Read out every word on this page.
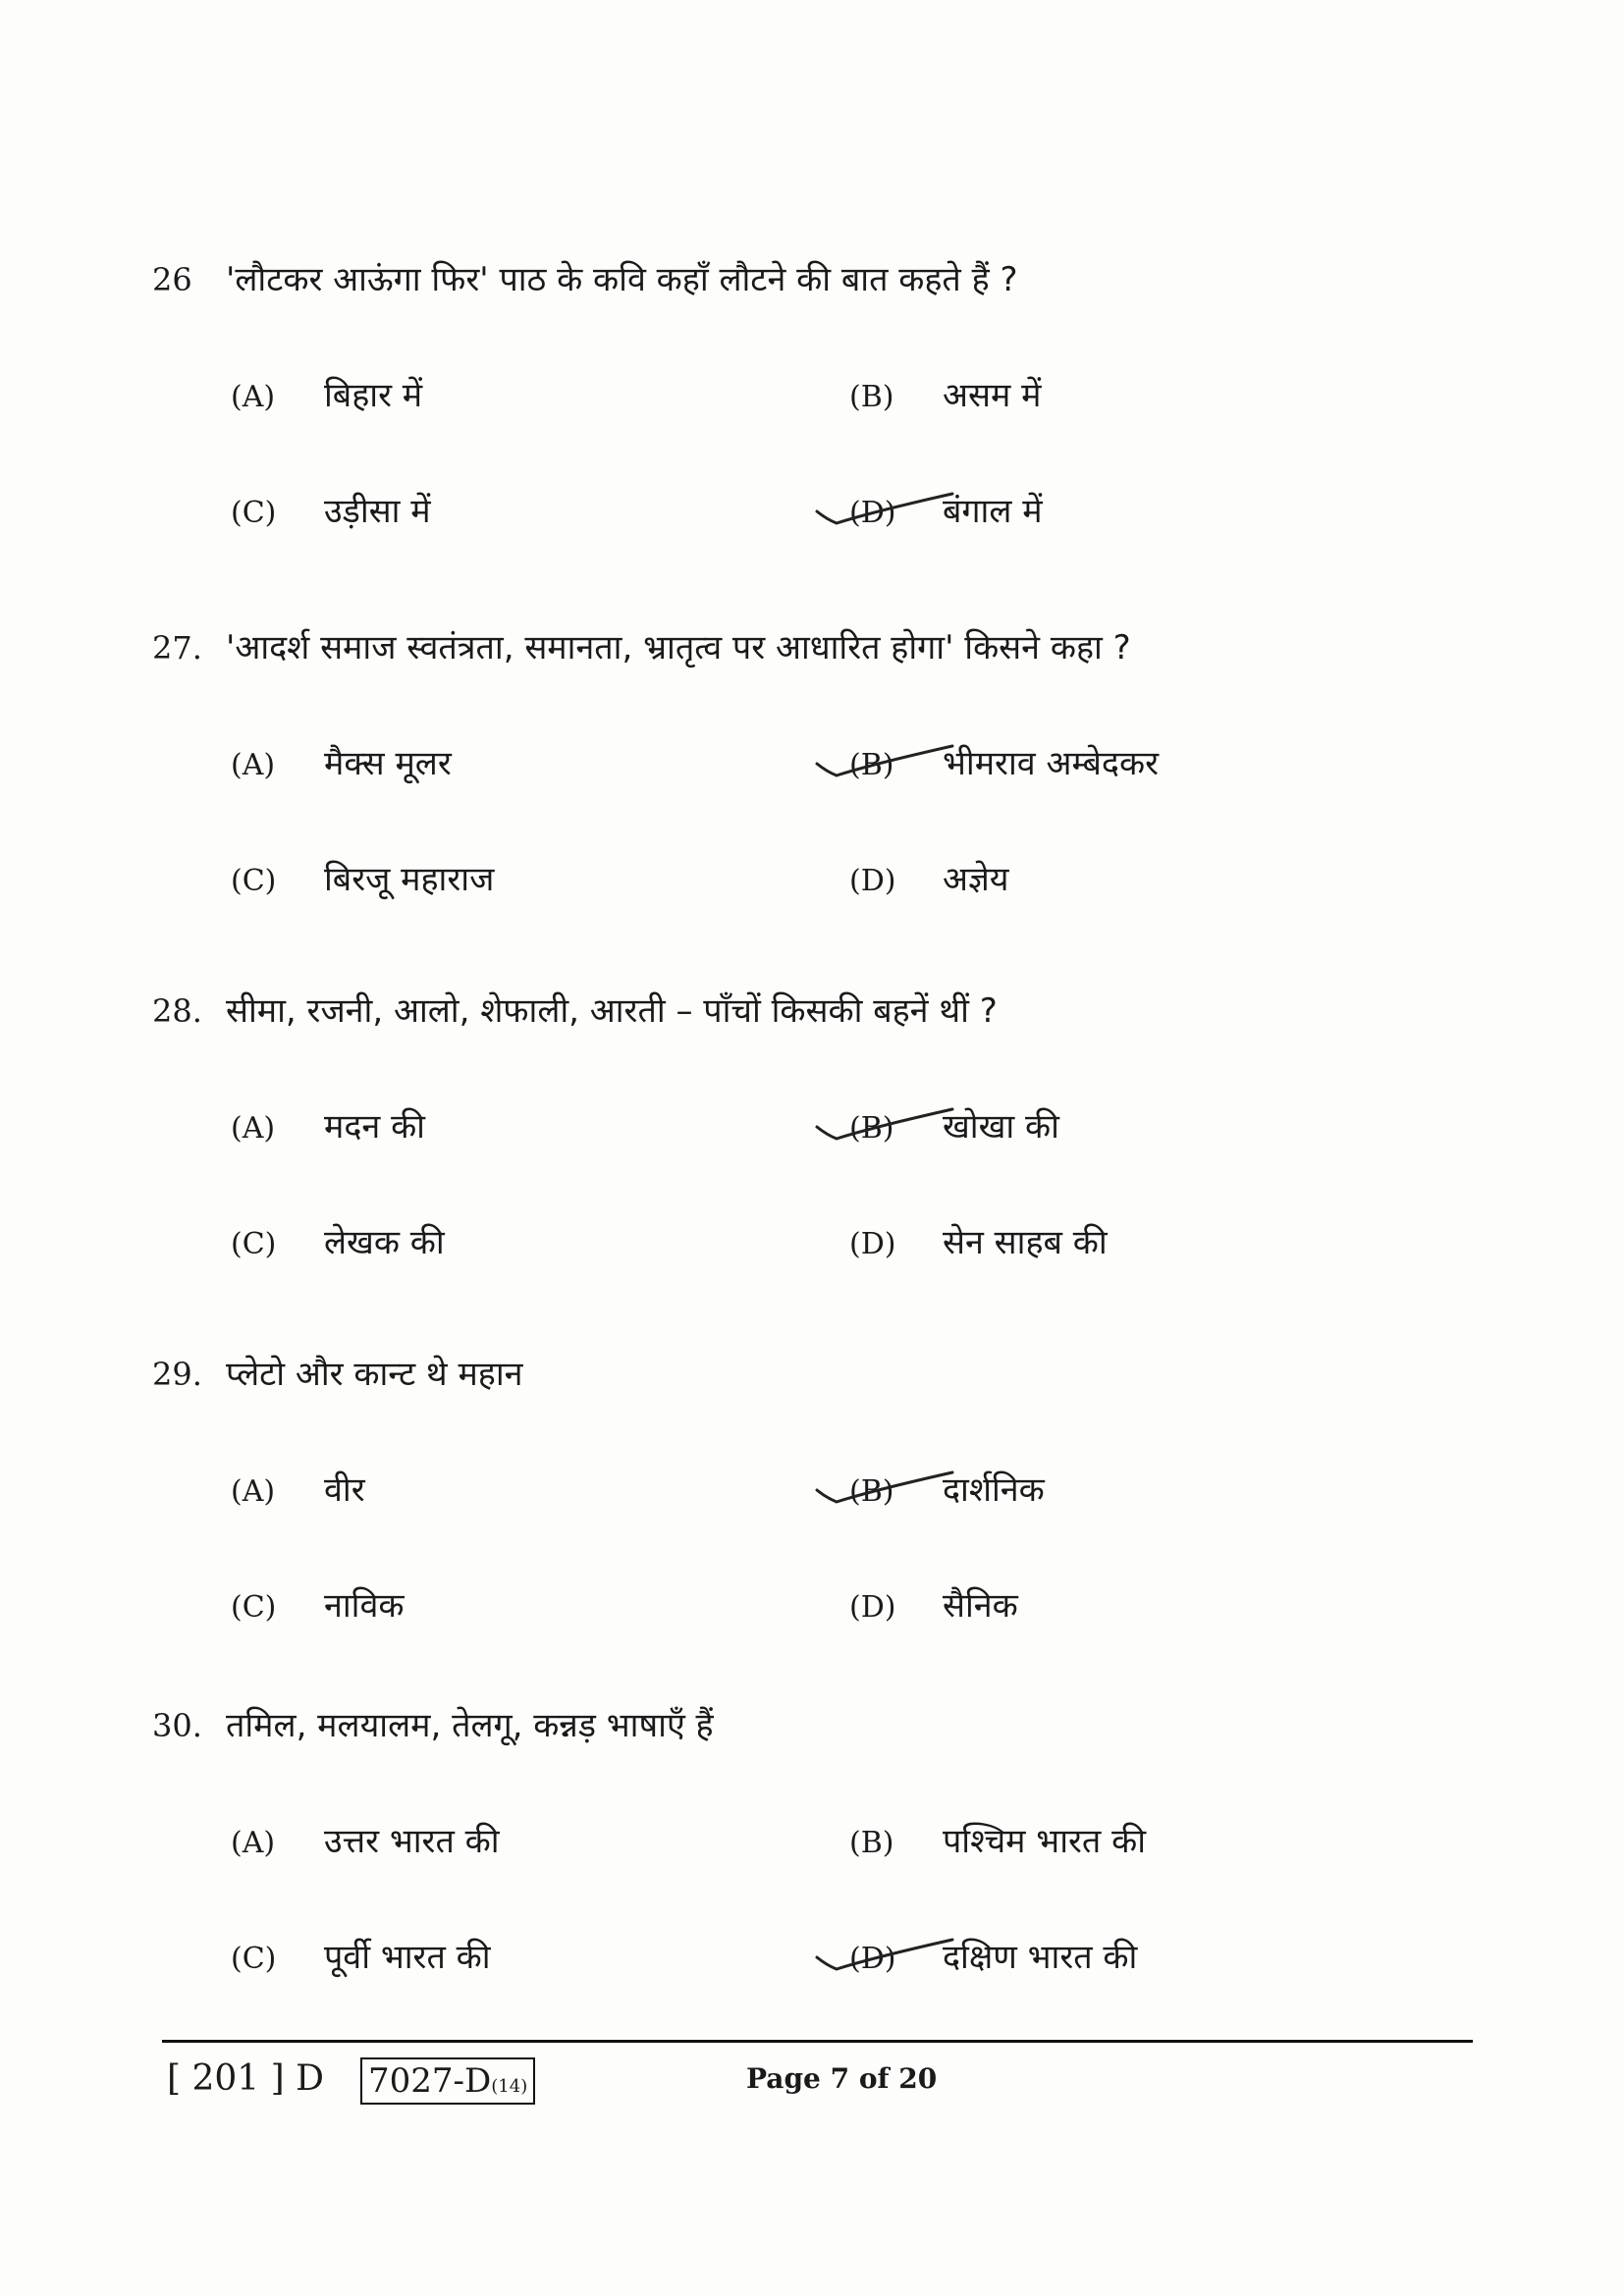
26 'लौटकर आऊंगा फिर' पाठ के कवि कहाँ लौटने की बात कहते हैं ?
(A) बिहार में	(B) असम में
(C) उड़ीसा में	(D) बंगाल में
27. 'आदर्श समाज स्वतंत्रता, समानता, भ्रातृत्व पर आधारित होगा' किसने कहा ?
(A) मैक्स मूलर	(B) भीमराव अम्बेदकर
(C) बिरजू महाराज	(D) अज्ञेय
28. सीमा, रजनी, आलो, शेफाली, आरती – पाँचों किसकी बहनें थीं ?
(A) मदन की	(B) खोखा की
(C) लेखक की	(D) सेन साहब की
29. प्लेटो और कान्ट थे महान
(A) वीर	(B) दार्शनिक
(C) नाविक	(D) सैनिक
30. तमिल, मलयालम, तेलगू, कन्नड़ भाषाएँ हैं
(A) उत्तर भारत की	(B) पश्चिम भारत की
(C) पूर्वी भारत की	(D) दक्षिण भारत की
[ 201 ] D 7027-D(14)	Page 7 of 20
